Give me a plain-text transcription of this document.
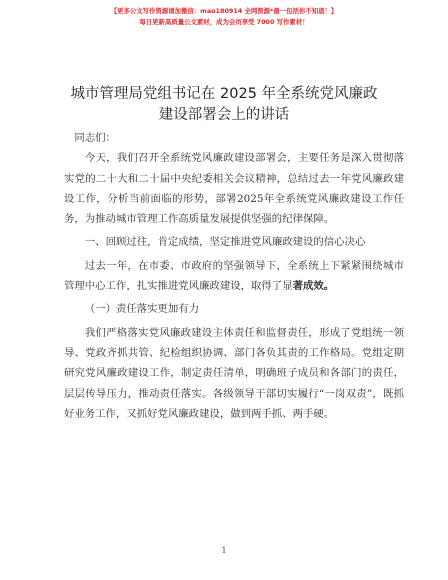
【更多公文写作资源请加微信：mao180914 全网资源*最一包括你不知道！】
每日更新高质量公文素材，成为会员享受 7000 写作素材！
城市管理局党组书记在 2025 年全系统党风廉政
建设部署会上的讲话

同志们：

今天，我们召开全系统党风廉政建设部署会，主要任务是深入贯彻落实党的二十大和二十届中央纪委相关会议精神，总结过去一年党风廉政建设工作，分析当前面临的形势，部署2025年全系统党风廉政建设工作任务，为推动城市管理工作高质量发展提供坚强的纪律保障。

一、回顾过往，肯定成绩，坚定推进党风廉政建设的信心决心

过去一年，在市委、市政府的坚强领导下，全系统上下紧紧围绕城市管理中心工作，扎实推进党风廉政建设，取得了显著成效。

（一）责任落实更加有力

我们严格落实党风廉政建设主体责任和监督责任，形成了党组统一领导、党政齐抓共管、纪检组织协调、部门各负其责的工作格局。党组定期研究党风廉政建设工作，制定责任清单，明确班子成员和各部门的责任，层层传导压力，推动责任落实。各级领导干部切实履行“一岗双责”，既抓好业务工作，又抓好党风廉政建设，做到两手抓、两手硬。

1
